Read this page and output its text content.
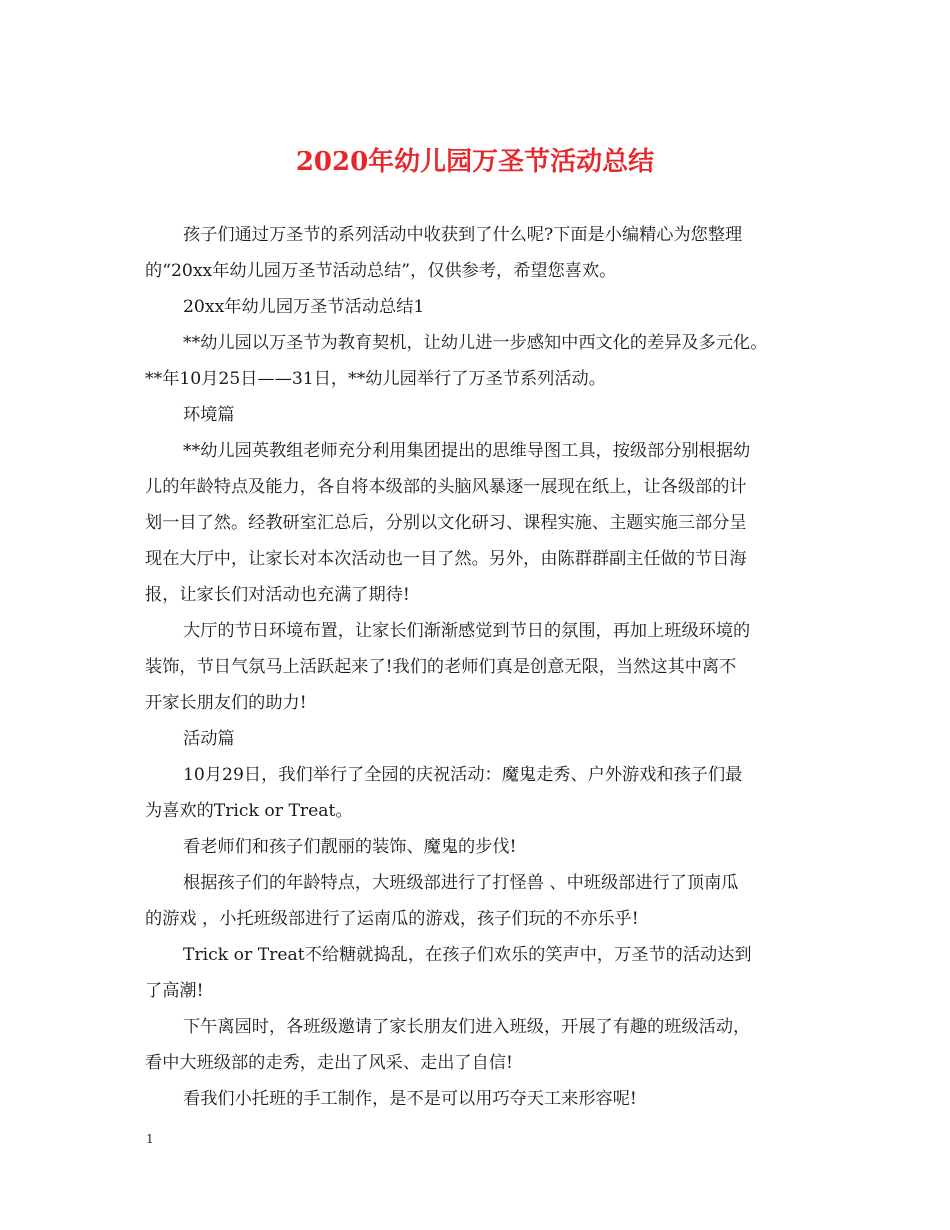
2020年幼儿园万圣节活动总结
孩子们通过万圣节的系列活动中收获到了什么呢?下面是小编精心为您整理
的“20xx年幼儿园万圣节活动总结”，仅供参考，希望您喜欢。
20xx年幼儿园万圣节活动总结1
**幼儿园以万圣节为教育契机，让幼儿进一步感知中西文化的差异及多元化。
**年10月25日——31日，**幼儿园举行了万圣节系列活动。
环境篇
**幼儿园英教组老师充分利用集团提出的思维导图工具，按级部分别根据幼
儿的年龄特点及能力，各自将本级部的头脑风暴逐一展现在纸上，让各级部的计
划一目了然。经教研室汇总后，分别以文化研习、课程实施、主题实施三部分呈
现在大厅中，让家长对本次活动也一目了然。另外，由陈群群副主任做的节日海
报，让家长们对活动也充满了期待!
大厅的节日环境布置，让家长们渐渐感觉到节日的氛围，再加上班级环境的
装饰，节日气氛马上活跃起来了!我们的老师们真是创意无限，当然这其中离不
开家长朋友们的助力!
活动篇
10月29日，我们举行了全园的庆祝活动：魔鬼走秀、户外游戏和孩子们最
为喜欢的Trick or Treat。
看老师们和孩子们靓丽的装饰、魔鬼的步伐!
根据孩子们的年龄特点，大班级部进行了打怪兽 、中班级部进行了顶南瓜
的游戏 ，小托班级部进行了运南瓜的游戏，孩子们玩的不亦乐乎!
Trick or Treat不给糖就捣乱，在孩子们欢乐的笑声中，万圣节的活动达到
了高潮!
下午离园时，各班级邀请了家长朋友们进入班级，开展了有趣的班级活动，
看中大班级部的走秀，走出了风采、走出了自信!
看我们小托班的手工制作，是不是可以用巧夺天工来形容呢!
1
